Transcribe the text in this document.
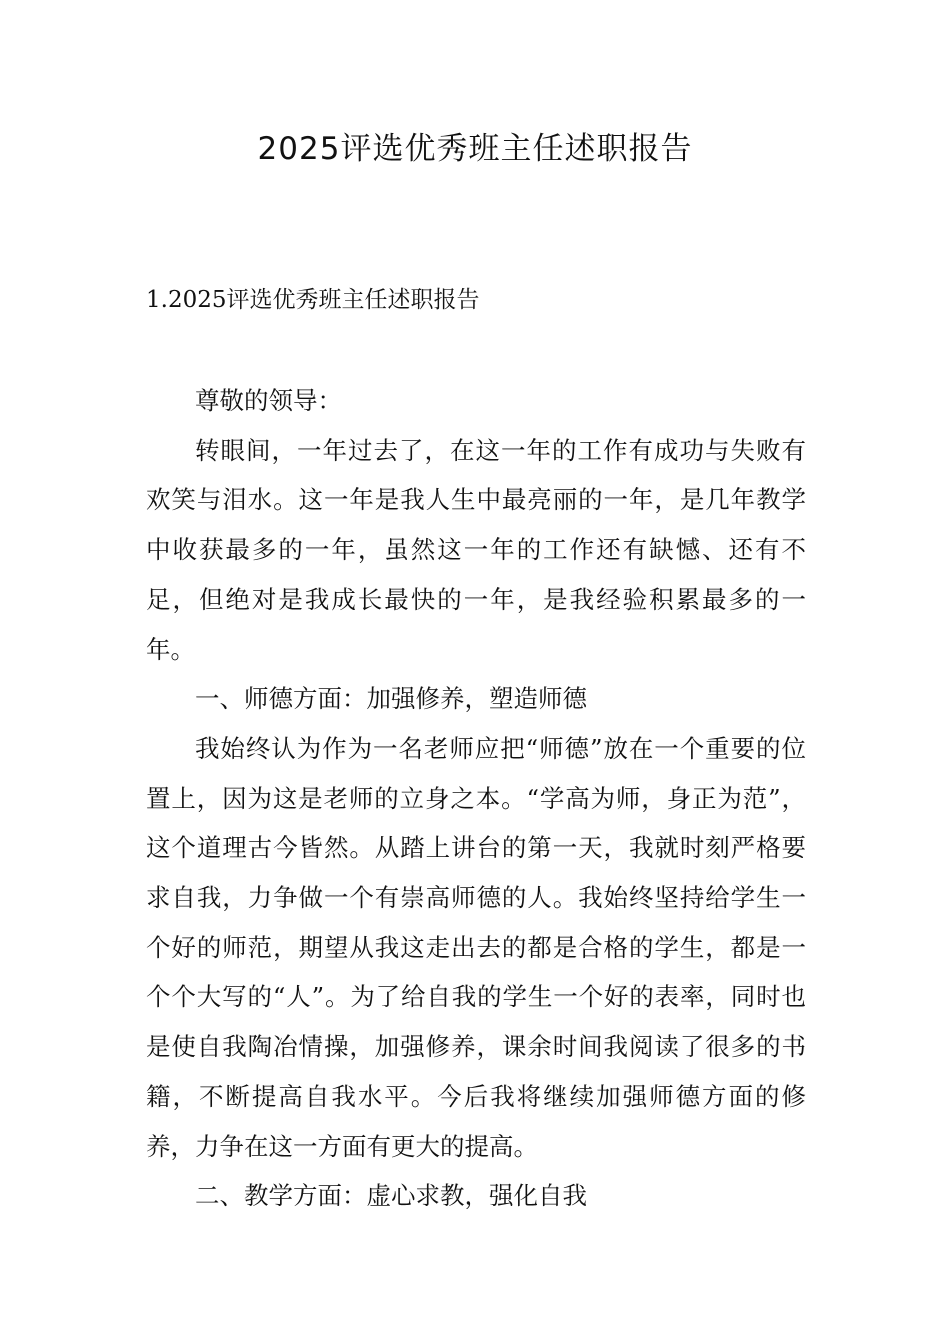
2025评选优秀班主任述职报告
1.2025评选优秀班主任述职报告

尊敬的领导：

转眼间，一年过去了，在这一年的工作有成功与失败有欢笑与泪水。这一年是我人生中最亮丽的一年，是几年教学中收获最多的一年，虽然这一年的工作还有缺憾、还有不足，但绝对是我成长最快的一年，是我经验积累最多的一年。

一、师德方面：加强修养，塑造师德

我始终认为作为一名老师应把“师德”放在一个重要的位置上，因为这是老师的立身之本。“学高为师，身正为范”，这个道理古今皆然。从踏上讲台的第一天，我就时刻严格要求自我，力争做一个有崇高师德的人。我始终坚持给学生一个好的师范，期望从我这走出去的都是合格的学生，都是一个个大写的“人”。为了给自我的学生一个好的表率，同时也是使自我陶冶情操，加强修养，课余时间我阅读了很多的书籍，不断提高自我水平。今后我将继续加强师德方面的修养，力争在这一方面有更大的提高。

二、教学方面：虚心求教，强化自我
